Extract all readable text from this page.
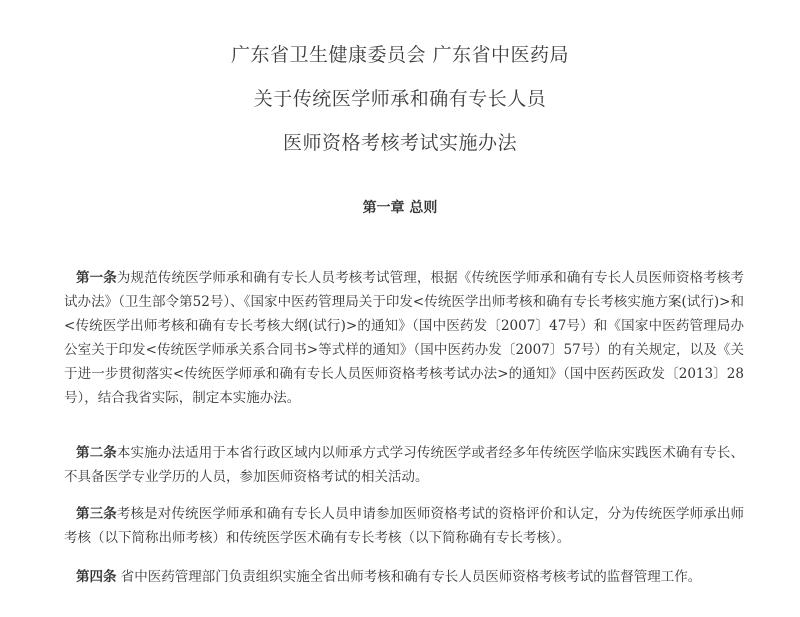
广东省卫生健康委员会 广东省中医药局
关于传统医学师承和确有专长人员
医师资格考核考试实施办法
第一章 总则
第一条为规范传统医学师承和确有专长人员考核考试管理，根据《传统医学师承和确有专长人员医师资格考核考试办法》（卫生部令第52号）、《国家中医药管理局关于印发<传统医学出师考核和确有专长考核实施方案(试行)>和<传统医学出师考核和确有专长考核大纲(试行)>的通知》（国中医药发〔2007〕47号）和《国家中医药管理局办公室关于印发<传统医学师承关系合同书>等式样的通知》（国中医药办发〔2007〕57号）的有关规定，以及《关于进一步贯彻落实<传统医学师承和确有专长人员医师资格考核考试办法>的通知》（国中医药医政发〔2013〕28号），结合我省实际，制定本实施办法。
第二条本实施办法适用于本省行政区域内以师承方式学习传统医学或者经多年传统医学临床实践医术确有专长、不具备医学专业学历的人员，参加医师资格考试的相关活动。
第三条考核是对传统医学师承和确有专长人员申请参加医师资格考试的资格评价和认定，分为传统医学师承出师考核（以下简称出师考核）和传统医学医术确有专长考核（以下简称确有专长考核）。
第四条 省中医药管理部门负责组织实施全省出师考核和确有专长人员医师资格考核考试的监督管理工作。
